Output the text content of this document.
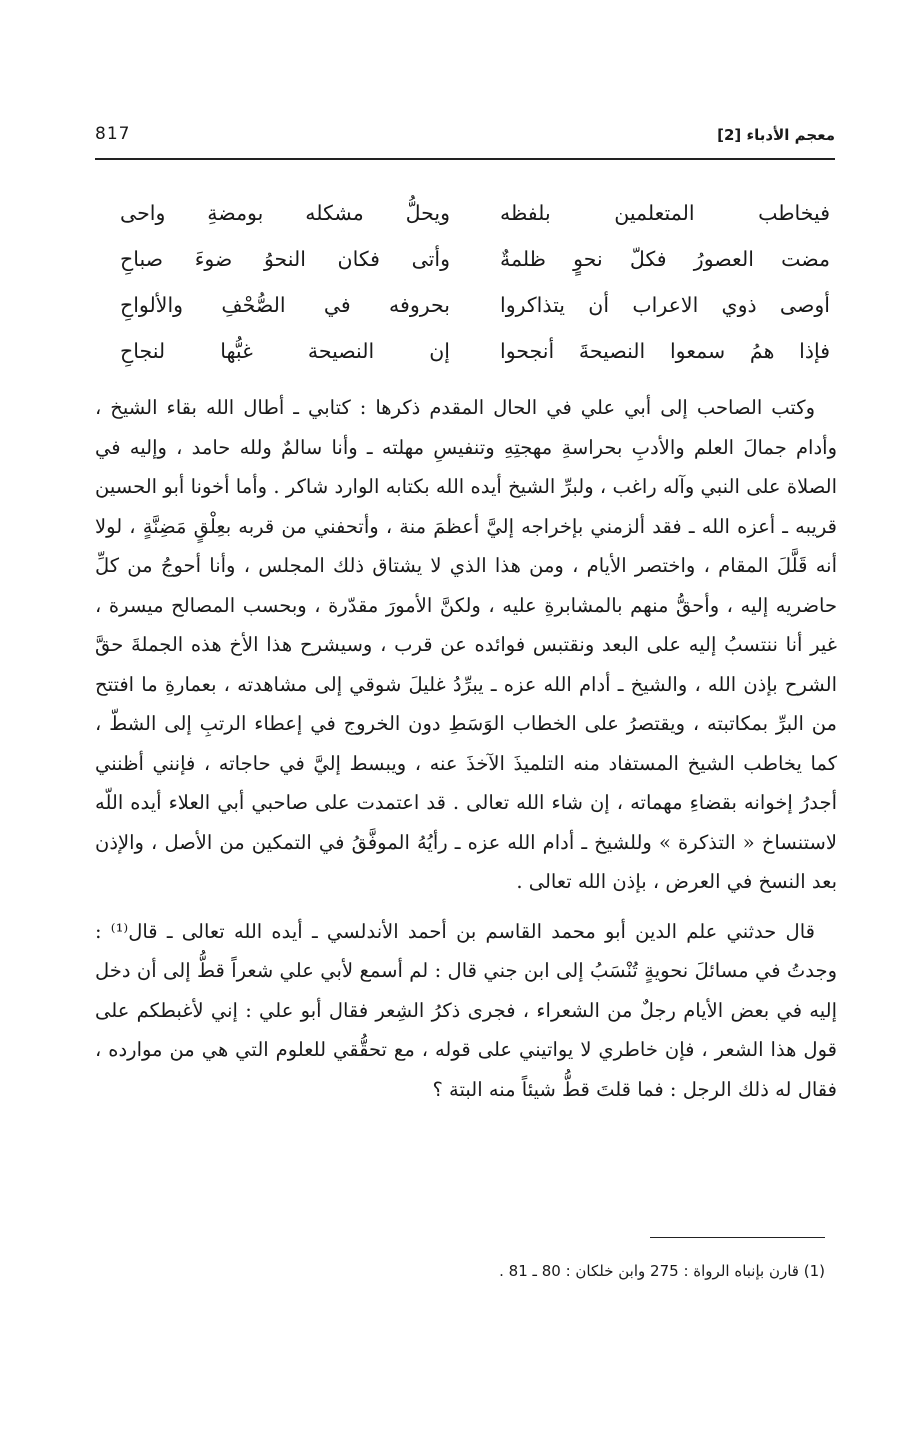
817	معجم الأدباء [2]
فيخاطب المتعلمين بلفظه
ويحلُّ مشكله بومضةِ واحى
مضت العصورُ فكلّ نحوٍ ظلمةٌ
وأتى فكان النحوُ ضوءَ صباحِ
أوصى ذوي الاعراب أن يتذاكروا
بحروفه في الصُّحْفِ والألواحِ
فإذا همُ سمعوا النصيحةَ أنجحوا
إن النصيحة غبُّها لنجاحِ

وكتب الصاحب إلى أبي علي في الحال المقدم ذكرها : كتابي ـ أطال الله بقاء الشيخ ، وأدام جمالَ العلم والأدبِ بحراسةِ مهجتِهِ وتنفيسِ مهلته ـ وأنا سالمٌ ولله حامد ، وإليه في الصلاة على النبي وآله راغب ، ولبرِّ الشيخ أيده الله بكتابه الوارد شاكر . وأما أخونا أبو الحسين قريبه ـ أعزه الله ـ فقد ألزمني بإخراجه إليَّ أعظمَ منة ، وأتحفني من قربه بعِلْقٍ مَضِنَّةٍ ، لولا أنه قَلَّلَ المقام ، واختصر الأيام ، ومن هذا الذي لا يشتاق ذلك المجلس ، وأنا أحوجُ من كلِّ حاضريه إليه ، وأحقُّ منهم بالمشابرةِ عليه ، ولكنَّ الأمورَ مقدّرة ، وبحسب المصالح ميسرة ، غير أنا ننتسبُ إليه على البعد ونقتبس فوائده عن قرب ، وسيشرح هذا الأخ هذه الجملةَ حقَّ الشرح بإذن الله ، والشيخ ـ أدام الله عزه ـ يبرِّدُ غليلَ شوقي إلى مشاهدته ، بعمارةِ ما افتتح من البرِّ بمكاتبته ، ويقتصرُ على الخطاب الوَسَطِ دون الخروج في إعطاء الرتبِ إلى الشطّ ، كما يخاطب الشيخ المستفاد منه التلميذَ الآخذَ عنه ، ويبسط إليَّ في حاجاته ، فإنني أظنني أجدرُ إخوانه بقضاءِ مهماته ، إن شاء الله تعالى . قد اعتمدت على صاحبي أبي العلاء أيده اللّه لاستنساخ « التذكرة » وللشيخ ـ أدام الله عزه ـ رأيُهُ الموفَّقُ في التمكين من الأصل ، والإذن بعد النسخ في العرض ، بإذن الله تعالى .

قال حدثني علم الدين أبو محمد القاسم بن أحمد الأندلسي ـ أيده الله تعالى ـ قال⁽¹⁾ : وجدتُ في مسائلَ نحويةٍ تُنْسَبُ إلى ابن جني قال : لم أسمع لأبي علي شعراً قطُّ إلى أن دخل إليه في بعض الأيام رجلٌ من الشعراء ، فجرى ذكرُ الشِعر فقال أبو علي : إني لأغبطكم على قول هذا الشعر ، فإن خاطري لا يواتيني على قوله ، مع تحقُّقي للعلوم التي هي من موارده ، فقال له ذلك الرجل : فما قلتَ قطُّ شيئاً منه البتة ؟

(1) قارن بإنباه الرواة : 275 وابن خلكان : 80 ـ 81 .
